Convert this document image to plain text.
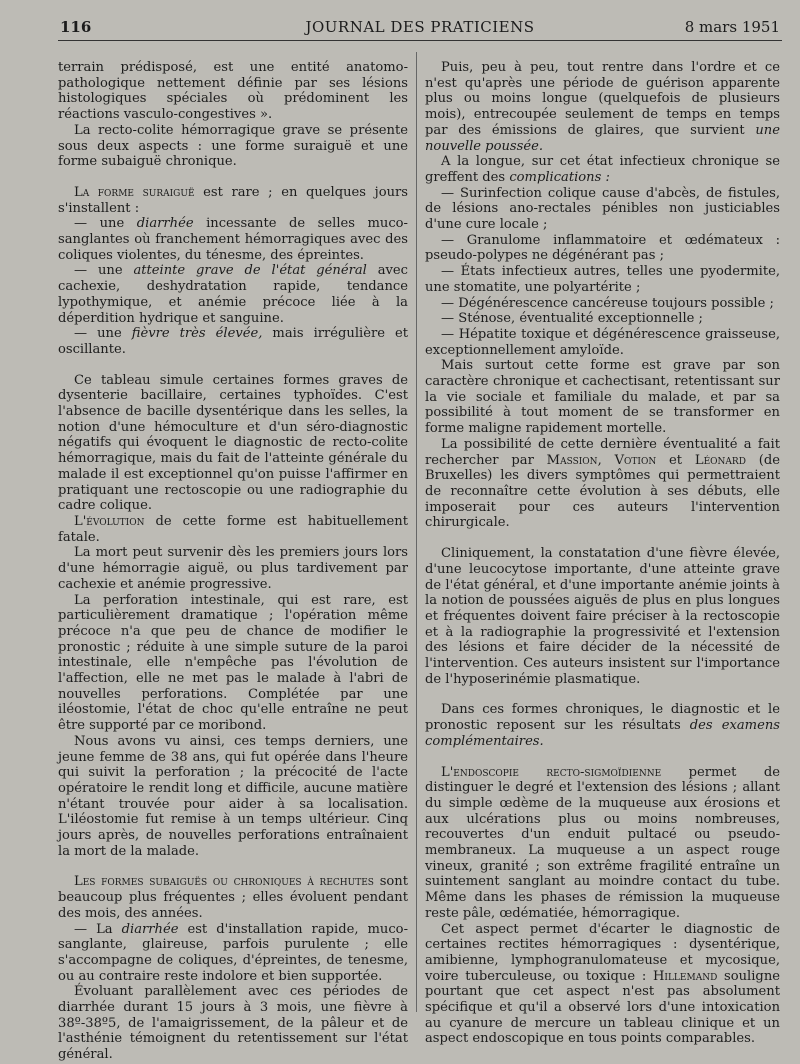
116	JOURNAL DES PRATICIENS	8 mars 1951

terrain prédisposé, est une entité anatomo-pathologique nettement définie par ses lésions histologiques spéciales où prédominent les réactions vasculo-congestives ».

La recto-colite hémorragique grave se présente sous deux aspects : une forme suraiguë et une forme subaiguë chronique.

La forme suraiguë est rare ; en quelques jours s'installent :

— une diarrhée incessante de selles muco-sanglantes où franchement hémorragiques avec des coliques violentes, du ténesme, des épreintes.

— une atteinte grave de l'état général avec cachexie, deshydratation rapide, tendance lypothymique, et anémie précoce liée à la déperdition hydrique et sanguine.

— une fièvre très élevée, mais irrégulière et oscillante.

Ce tableau simule certaines formes graves de dysenterie bacillaire, certaines typhoïdes. C'est l'absence de bacille dysentérique dans les selles, la notion d'une hémoculture et d'un séro-diagnostic négatifs qui évoquent le diagnostic de recto-colite hémorragique, mais du fait de l'atteinte générale du malade il est exceptionnel qu'on puisse l'affirmer en pratiquant une rectoscopie ou une radiographie du cadre colique.

L'évolution de cette forme est habituellement fatale.

La mort peut survenir dès les premiers jours lors d'une hémorragie aiguë, ou plus tardivement par cachexie et anémie progressive.

La perforation intestinale, qui est rare, est particulièrement dramatique ; l'opération même précoce n'a que peu de chance de modifier le pronostic ; réduite à une simple suture de la paroi intestinale, elle n'empêche pas l'évolution de l'affection, elle ne met pas le malade à l'abri de nouvelles perforations. Complétée par une iléostomie, l'état de choc qu'elle entraîne ne peut être supporté par ce moribond.

Nous avons vu ainsi, ces temps derniers, une jeune femme de 38 ans, qui fut opérée dans l'heure qui suivit la perforation ; la précocité de l'acte opératoire le rendit long et difficile, aucune matière n'étant trouvée pour aider à sa localisation. L'iléostomie fut remise à un temps ultérieur. Cinq jours après, de nouvelles perforations entraînaient la mort de la malade.

Les formes subaiguës ou chroniques à rechutes sont beaucoup plus fréquentes ; elles évoluent pendant des mois, des années.

— La diarrhée est d'installation rapide, muco-sanglante, glaireuse, parfois purulente ; elle s'accompagne de coliques, d'épreintes, de tenesme, ou au contraire reste indolore et bien supportée.

Évoluant parallèlement avec ces périodes de diarrhée durant 15 jours à 3 mois, une fièvre à 38º-38º5, de l'amaigrissement, de la pâleur et de l'asthénie témoignent du retentissement sur l'état général.

Puis, peu à peu, tout rentre dans l'ordre et ce n'est qu'après une période de guérison apparente plus ou moins longue (quelquefois de plusieurs mois), entrecoupée seulement de temps en temps par des émissions de glaires, que survient une nouvelle poussée.

A la longue, sur cet état infectieux chronique se greffent des complications :

— Surinfection colique cause d'abcès, de fistules, de lésions ano-rectales pénibles non justiciables d'une cure locale ;

— Granulome inflammatoire et œdémateux : pseudo-polypes ne dégénérant pas ;

— États infectieux autres, telles une pyodermite, une stomatite, une polyartérite ;

— Dégénérescence cancéreuse toujours possible ;

— Sténose, éventualité exceptionnelle ;

— Hépatite toxique et dégénérescence graisseuse, exceptionnellement amyloïde.

Mais surtout cette forme est grave par son caractère chronique et cachectisant, retentissant sur la vie sociale et familiale du malade, et par sa possibilité à tout moment de se transformer en forme maligne rapidement mortelle.

La possibilité de cette dernière éventualité a fait rechercher par Massion, Votion et Léonard (de Bruxelles) les divers symptômes qui permettraient de reconnaître cette évolution à ses débuts, elle imposerait pour ces auteurs l'intervention chirurgicale.

Cliniquement, la constatation d'une fièvre élevée, d'une leucocytose importante, d'une atteinte grave de l'état général, et d'une importante anémie joints à la notion de poussées aiguës de plus en plus longues et fréquentes doivent faire préciser à la rectoscopie et à la radiographie la progressivité et l'extension des lésions et faire décider de la nécessité de l'intervention. Ces auteurs insistent sur l'importance de l'hyposerinémie plasmatique.

Dans ces formes chroniques, le diagnostic et le pronostic reposent sur les résultats des examens complémentaires.

L'endoscopie recto-sigmoïdienne permet de distinguer le degré et l'extension des lésions ; allant du simple œdème de la muqueuse aux érosions et aux ulcérations plus ou moins nombreuses, recouvertes d'un enduit pultacé ou pseudo-membraneux. La muqueuse a un aspect rouge vineux, granité ; son extrême fragilité entraîne un suintement sanglant au moindre contact du tube. Même dans les phases de rémission la muqueuse reste pâle, œdématiée, hémorragique.

Cet aspect permet d'écarter le diagnostic de certaines rectites hémorragiques : dysentérique, amibienne, lymphogranulomateuse et mycosique, voire tuberculeuse, ou toxique : Hillemand souligne pourtant que cet aspect n'est pas absolument spécifique et qu'il a observé lors d'une intoxication au cyanure de mercure un tableau clinique et un aspect endoscopique en tous points comparables.
